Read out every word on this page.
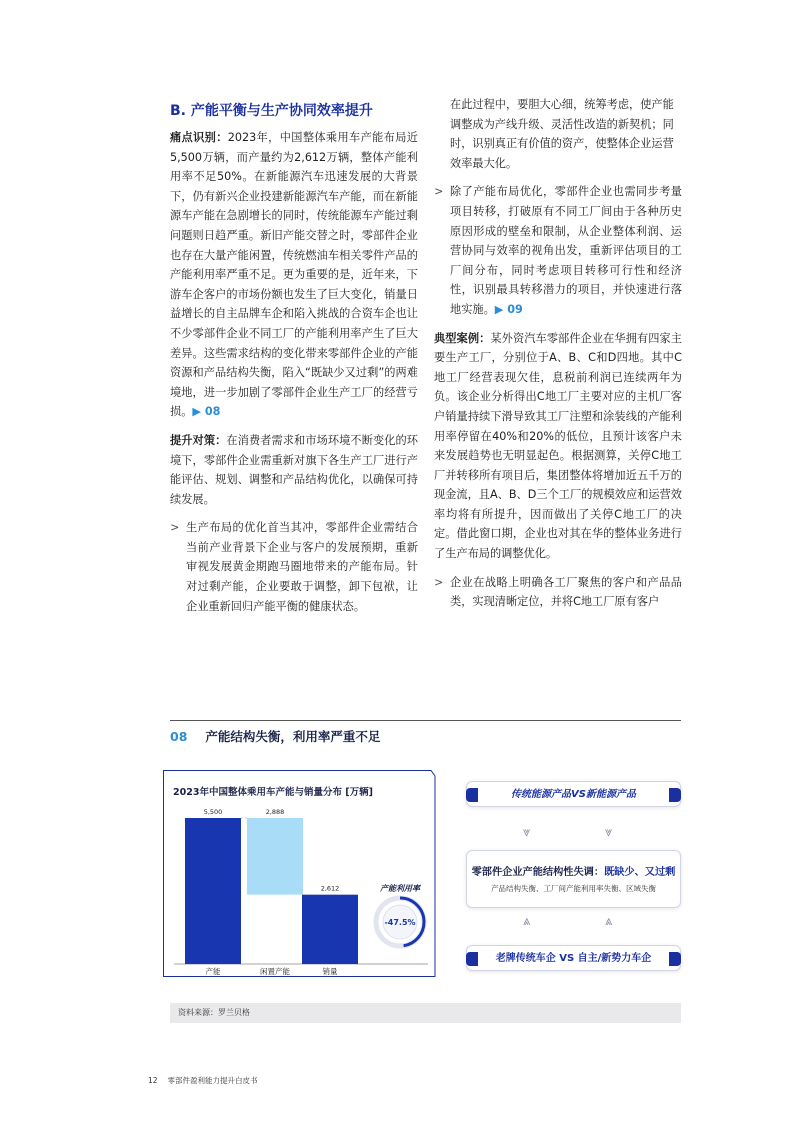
B. 产能平衡与生产协同效率提升

痛点识别：2023年，中国整体乘用车产能布局近5,500万辆，而产量约为2,612万辆，整体产能利用率不足50%。在新能源汽车迅速发展的大背景下，仍有新兴企业投建新能源汽车产能，而在新能源车产能在急剧增长的同时，传统能源车产能过剩问题则日趋严重。新旧产能交替之时，零部件企业也存在大量产能闲置，传统燃油车相关零件产品的产能利用率严重不足。更为重要的是，近年来，下游车企客户的市场份额也发生了巨大变化，销量日益增长的自主品牌车企和陷入挑战的合资车企也让不少零部件企业不同工厂的产能利用率产生了巨大差异。这些需求结构的变化带来零部件企业的产能资源和产品结构失衡，陷入“既缺少又过剩”的两难境地，进一步加剧了零部件企业生产工厂的经营亏损。▶ 08

提升对策：在消费者需求和市场环境不断变化的环境下，零部件企业需重新对旗下各生产工厂进行产能评估、规划、调整和产品结构优化，以确保可持续发展。

> 生产布局的优化首当其冲，零部件企业需结合当前产业背景下企业与客户的发展预期，重新审视发展黄金期跑马圈地带来的产能布局。针对过剩产能，企业要敢于调整，卸下包袱，让企业重新回归产能平衡的健康状态。
在此过程中，要胆大心细，统筹考虑，使产能调整成为产线升级、灵活性改造的新契机；同时，识别真正有价值的资产，使整体企业运营效率最大化。
> 除了产能布局优化，零部件企业也需同步考量项目转移，打破原有不同工厂间由于各种历史原因形成的壁垒和限制，从企业整体利润、运营协同与效率的视角出发，重新评估项目的工厂间分布，同时考虑项目转移可行性和经济性，识别最具转移潜力的项目，并快速进行落地实施。▶ 09

典型案例：某外资汽车零部件企业在华拥有四家主要生产工厂，分别位于A、B、C和D四地。其中C地工厂经营表现欠佳，息税前利润已连续两年为负。该企业分析得出C地工厂主要对应的主机厂客户销量持续下滑导致其工厂注塑和涂装线的产能利用率停留在40%和20%的低位，且预计该客户未来发展趋势也无明显起色。根据测算，关停C地工厂并转移所有项目后，集团整体将增加近五千万的现金流，且A、B、D三个工厂的规模效应和运营效率均将有所提升，因而做出了关停C地工厂的决定。借此窗口期，企业也对其在华的整体业务进行了生产布局的调整优化。

> 企业在战略上明确各工厂聚焦的客户和产品品类，实现清晰定位，并将C地工厂原有客户
08 产能结构失衡，利用率严重不足
5,500
产能
2,888
闲置产能
2,612
销量
产能利用率
-47.5%
2023年中国整体乘用车产能与销量分布 [万辆]	传统能源产品VS新能源产品
⩔	⩔
零部件企业产能结构性失调：既缺少、又过剩
产品结构失衡、工厂间产能利用率失衡、区域失衡
⩓	⩓
老牌传统车企 VS 自主/新势力车企
资料来源：罗兰贝格
12 零部件盈利能力提升白皮书
